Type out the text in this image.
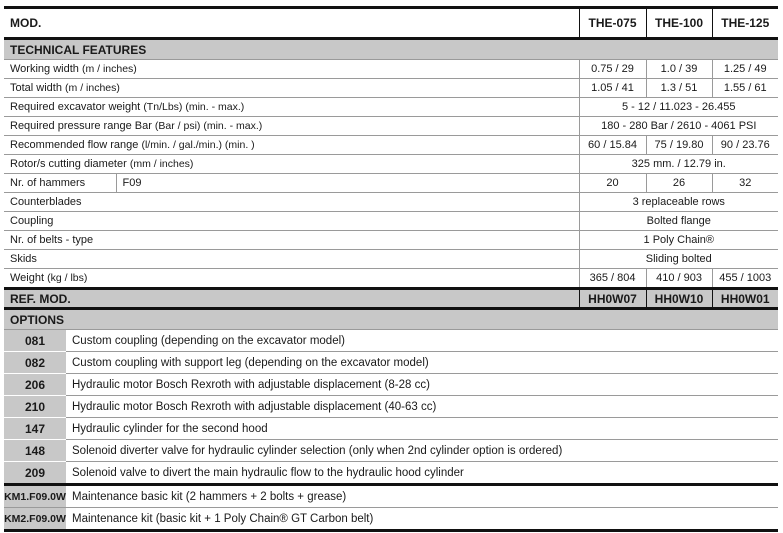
MOD.			THE-075	THE-100	THE-125
TECHNICAL FEATURES					
Working width (m / inches)			0.75 / 29	1.0 / 39	1.25 / 49
Total width (m / inches)			1.05 / 41	1.3 / 51	1.55 / 61
Required excavator weight (Tn/Lbs) (min. - max.)			5 - 12 / 11.023 - 26.455		
Required pressure range Bar (Bar / psi) (min. - max.)			180 - 280 Bar / 2610 - 4061 PSI		
Recommended flow range (l/min. / gal./min.) (min. )			60 / 15.84	75 / 19.80	90 / 23.76
Rotor/s cutting diameter (mm / inches)			325 mm. / 12.79 in.		
Nr. of hammers		F09	20	26	32
Counterblades			3 replaceable rows		
Coupling			Bolted flange		
Nr. of belts - type			1 Poly Chain®		
Skids			Sliding bolted		
Weight (kg / lbs)			365 / 804	410 / 903	455 / 1003
REF. MOD.			HH0W07	HH0W10	HH0W01
OPTIONS					
081	Custom coupling (depending on the excavator model)				
082	Custom coupling with support leg (depending on the excavator model)				
206	Hydraulic motor Bosch Rexroth with adjustable displacement (8-28 cc)				
210	Hydraulic motor Bosch Rexroth with adjustable displacement (40-63 cc)				
147	Hydraulic cylinder for the second hood				
148	Solenoid diverter valve for hydraulic cylinder selection (only when 2nd cylinder option is ordered)				
209	Solenoid valve to divert the main hydraulic flow to the hydraulic hood cylinder				
KM1.F09.0W	Maintenance basic kit (2 hammers + 2 bolts + grease)				
KM2.F09.0W	Maintenance kit (basic kit + 1 Poly Chain® GT Carbon belt)				
